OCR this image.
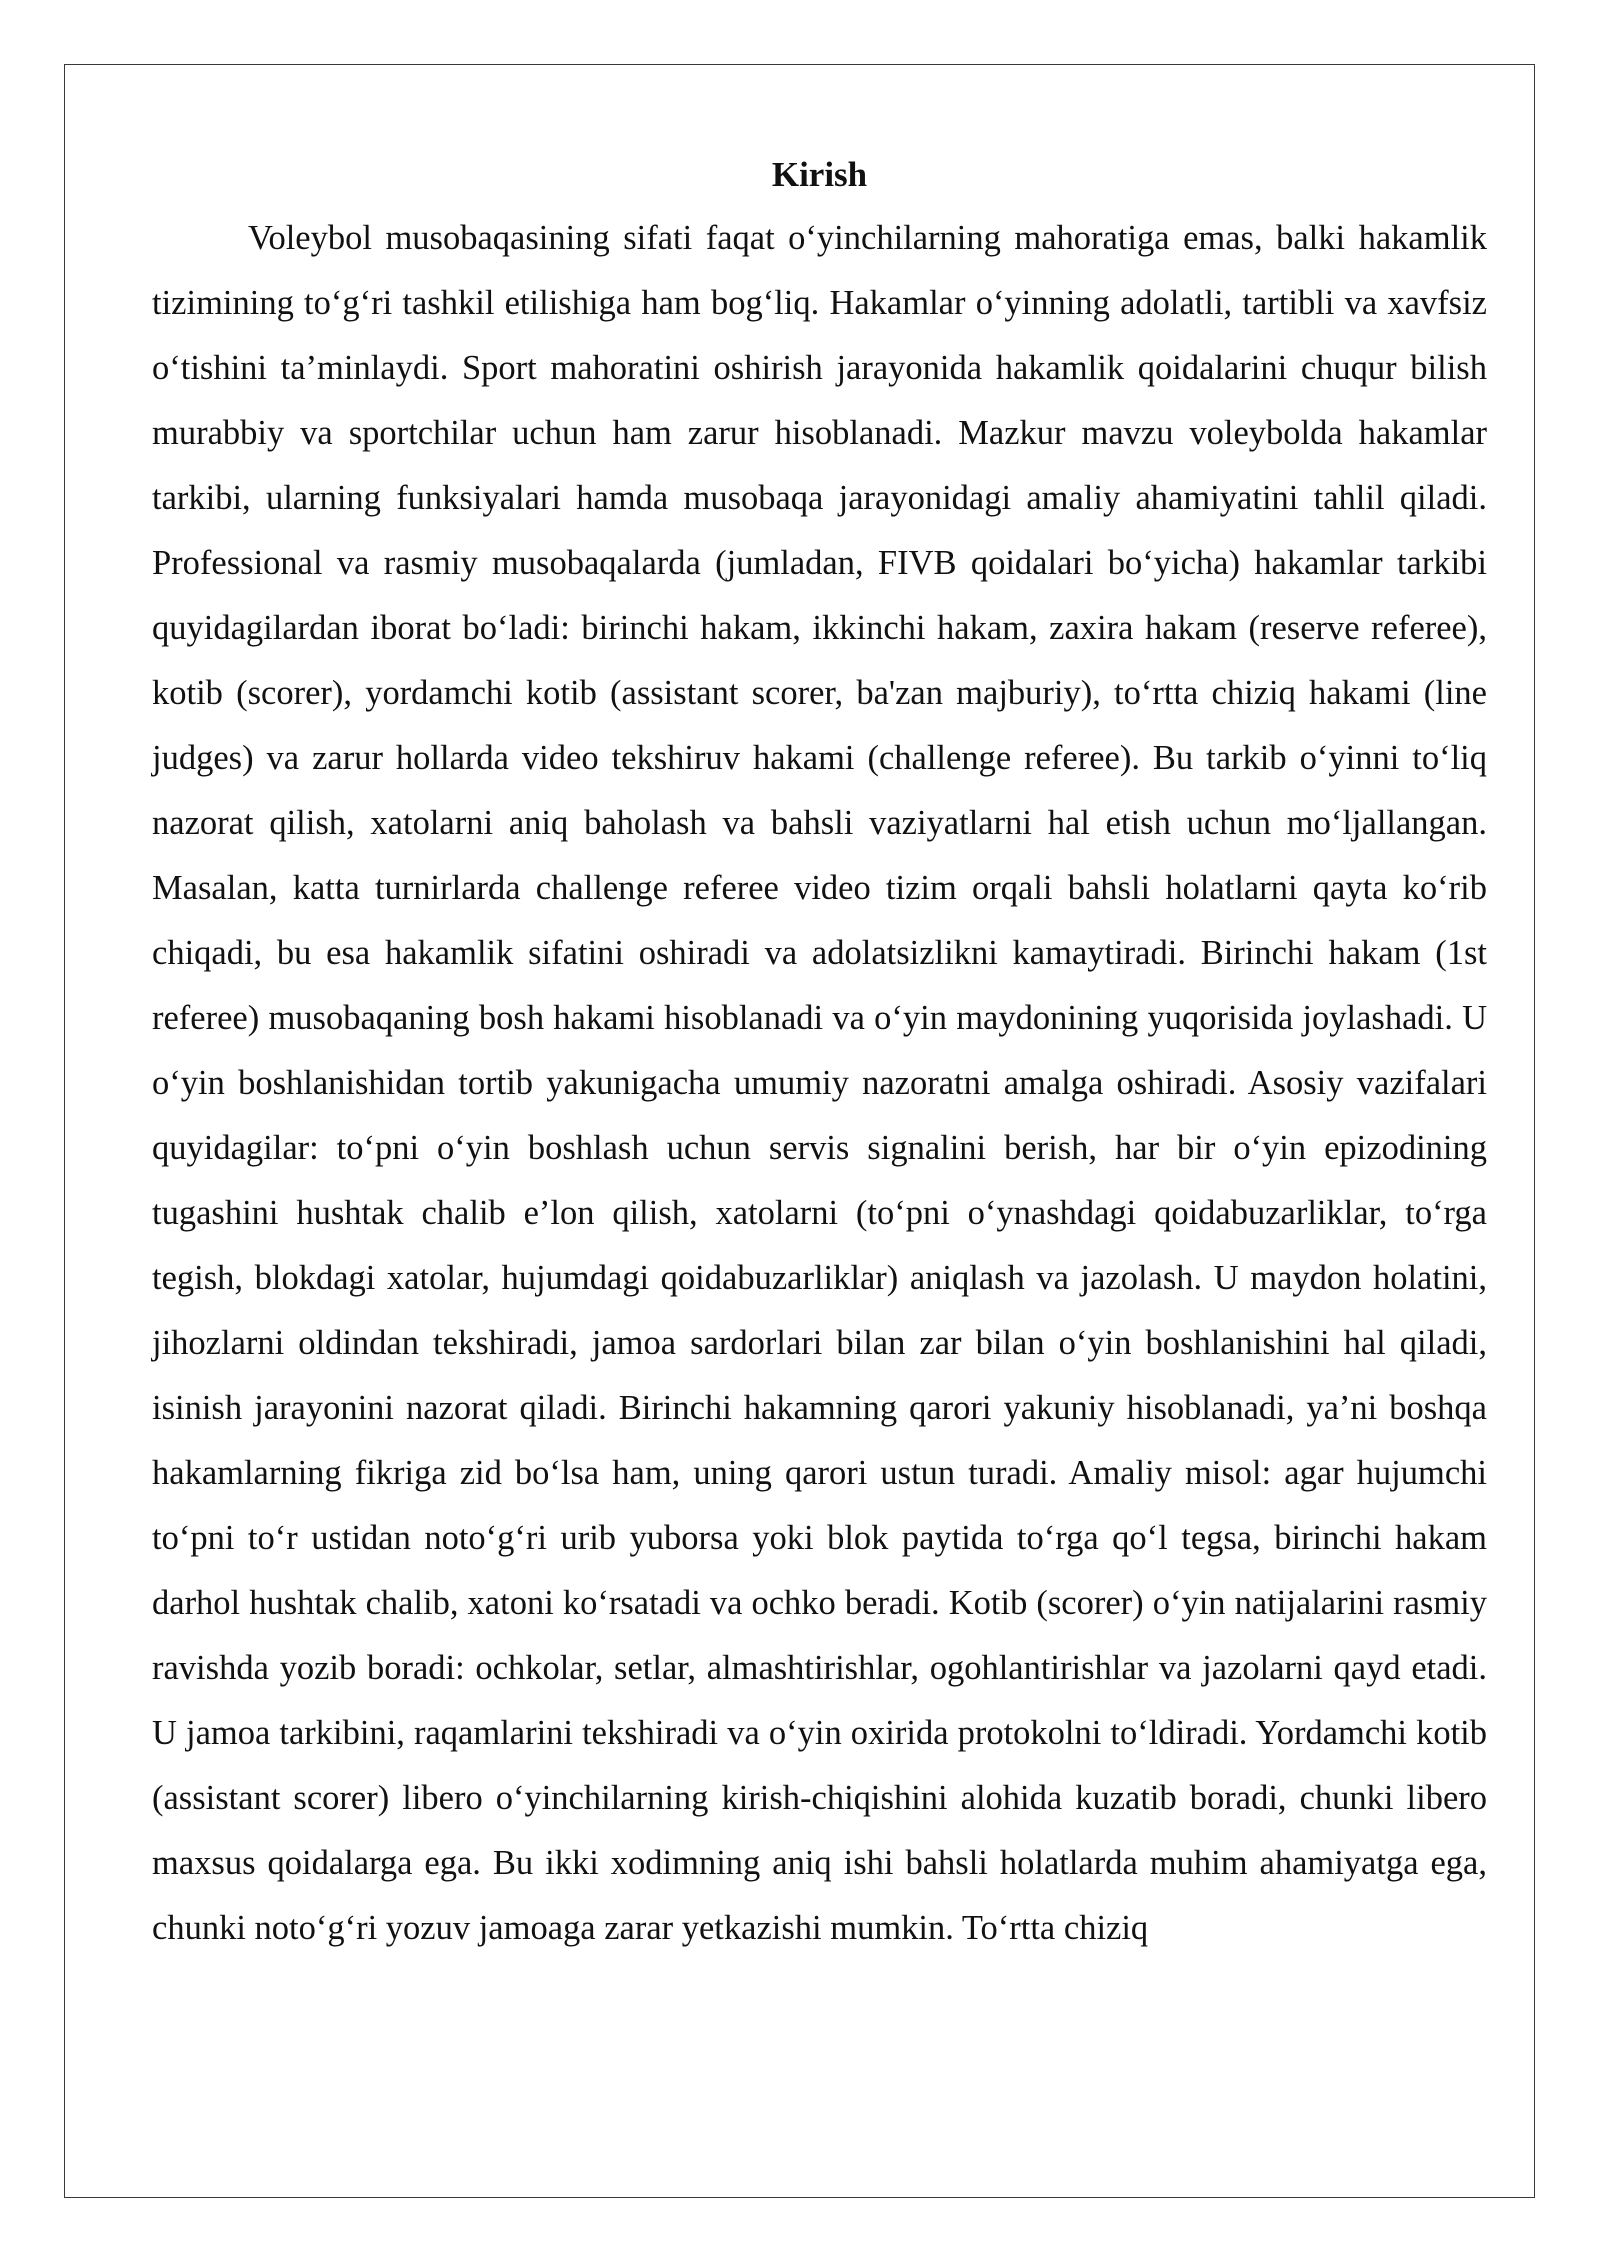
Kirish

Voleybol musobaqasining sifati faqat o‘yinchilarning mahoratiga emas, balki hakamlik tizimining to‘g‘ri tashkil etilishiga ham bog‘liq. Hakamlar o‘yinning adolatli, tartibli va xavfsiz o‘tishini ta’minlaydi. Sport mahoratini oshirish jarayonida hakamlik qoidalarini chuqur bilish murabbiy va sportchilar uchun ham zarur hisoblanadi. Mazkur mavzu voleybolda hakamlar tarkibi, ularning funksiyalari hamda musobaqa jarayonidagi amaliy ahamiyatini tahlil qiladi. Professional va rasmiy musobaqalarda (jumladan, FIVB qoidalari bo‘yicha) hakamlar tarkibi quyidagilardan iborat bo‘ladi: birinchi hakam, ikkinchi hakam, zaxira hakam (reserve referee), kotib (scorer), yordamchi kotib (assistant scorer, ba'zan majburiy), to‘rtta chiziq hakami (line judges) va zarur hollarda video tekshiruv hakami (challenge referee). Bu tarkib o‘yinni to‘liq nazorat qilish, xatolarni aniq baholash va bahsli vaziyatlarni hal etish uchun mo‘ljallangan. Masalan, katta turnirlarda challenge referee video tizim orqali bahsli holatlarni qayta ko‘rib chiqadi, bu esa hakamlik sifatini oshiradi va adolatsizlikni kamaytiradi. Birinchi hakam (1st referee) musobaqaning bosh hakami hisoblanadi va o‘yin maydonining yuqorisida joylashadi. U o‘yin boshlanishidan tortib yakunigacha umumiy nazoratni amalga oshiradi. Asosiy vazifalari quyidagilar: to‘pni o‘yin boshlash uchun servis signalini berish, har bir o‘yin epizodining tugashini hushtak chalib e’lon qilish, xatolarni (to‘pni o‘ynashdagi qoidabuzarliklar, to‘rga tegish, blokdagi xatolar, hujumdagi qoidabuzarliklar) aniqlash va jazolash. U maydon holatini, jihozlarni oldindan tekshiradi, jamoa sardorlari bilan zar bilan o‘yin boshlanishini hal qiladi, isinish jarayonini nazorat qiladi. Birinchi hakamning qarori yakuniy hisoblanadi, ya’ni boshqa hakamlarning fikriga zid bo‘lsa ham, uning qarori ustun turadi. Amaliy misol: agar hujumchi to‘pni to‘r ustidan noto‘g‘ri urib yuborsa yoki blok paytida to‘rga qo‘l tegsa, birinchi hakam darhol hushtak chalib, xatoni ko‘rsatadi va ochko beradi. Kotib (scorer) o‘yin natijalarini rasmiy ravishda yozib boradi: ochkolar, setlar, almashtirishlar, ogohlantirishlar va jazolarni qayd etadi. U jamoa tarkibini, raqamlarini tekshiradi va o‘yin oxirida protokolni to‘ldiradi. Yordamchi kotib (assistant scorer) libero o‘yinchilarning kirish-chiqishini alohida kuzatib boradi, chunki libero maxsus qoidalarga ega. Bu ikki xodimning aniq ishi bahsli holatlarda muhim ahamiyatga ega, chunki noto‘g‘ri yozuv jamoaga zarar yetkazishi mumkin. To‘rtta chiziq
